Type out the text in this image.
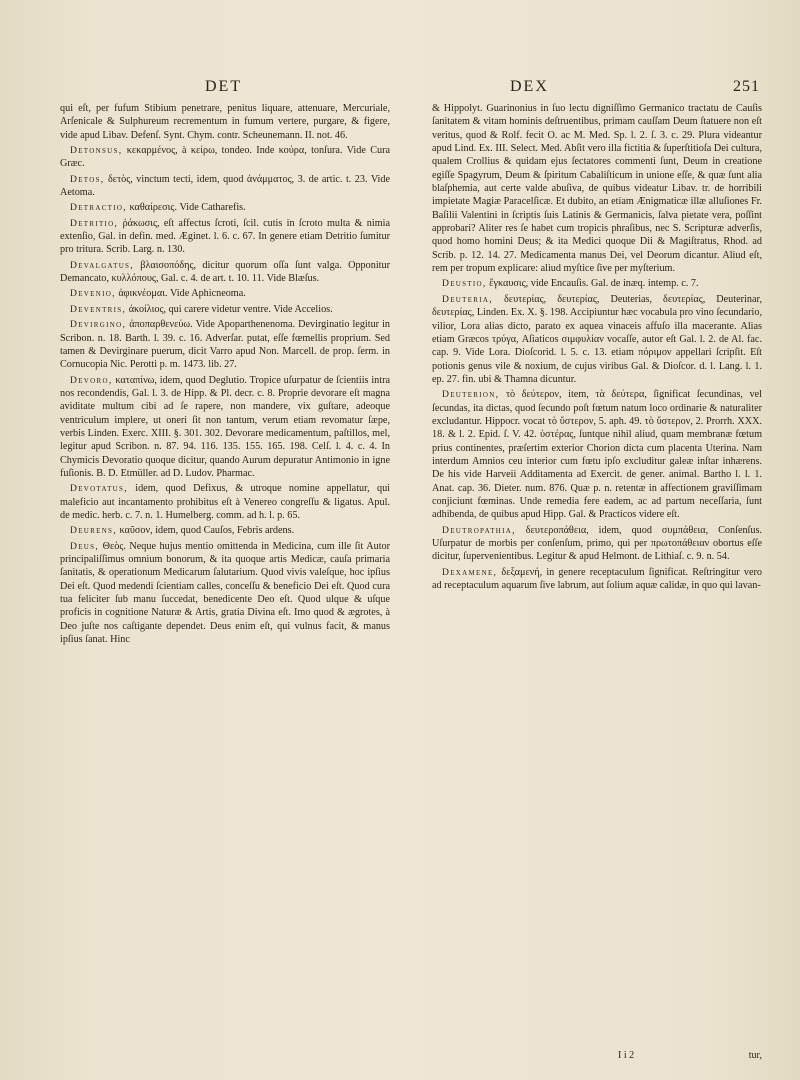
DET	DEX	251

qui eſt, per fufum Stibium penetrare, penitus liquare, attenuare, Mercuriale, Arſenicale & Sulphureum recrementum in fumum vertere, purgare, & figere, vide apud Libav. Defenſ. Synt. Chym. contr. Scheunemann. II. not. 46.

Detonsus, κεκαρμένος, à κείρω, tondeo. Inde κούρα, tonſura. Vide Cura Græc.

Detos, δετὸς, vinctum tecti, idem, quod ἀνάμματος, 3. de artic. t. 23. Vide Aetoma.

Detractio, καθαίρεσις. Vide Catharefis.

Detritio, ῥάκωσις, eſt affectus ſcroti, ſcil. cutis in ſcroto multa & nimia extenſio, Gal. in defin. med. Æginet. l. 6. c. 67. In genere etiam Detritio ſumitur pro tritura. Scrib. Larg. n. 130.

Devalgatus, βλαισοπόδης, dicitur quorum oſſa ſunt valga. Opponitur Demancato, κυλλόπους, Gal. c. 4. de art. t. 10. 11. Vide Blæſus.

Devenio, ἀφικνέομαι. Vide Aphicneoma.

Deventris, ἀκοίλιος, qui carere videtur ventre. Vide Accelios.

Devirgino, ἀποπαρθενεύω. Vide Apoparthenenoma. Devirginatio legitur in Scribon. n. 18. Barth. l. 39. c. 16. Adverſar. putat, eſſe fœmellis proprium. Sed tamen & Devirginare puerum, dicit Varro apud Non. Marcell. de prop. ſerm. in Cornucopia Nic. Perotti p. m. 1473. lib. 27.

Devoro, καταπίνω, idem, quod Deglutio. Tropice uſurpatur de ſcientiis intra nos recondendis, Gal. l. 3. de Hipp. & Pl. decr. c. 8. Proprie devorare eſt magna aviditate multum cibi ad ſe rapere, non mandere, vix guſtare, adeoque ventriculum implere, ut oneri ſit non tantum, verum etiam revomatur ſæpe, verbis Linden. Exerc. XIII. §. 301. 302. Devorare medicamentum, paſtillos, mel, legitur apud Scribon. n. 87. 94. 116. 135. 155. 165. 198. Celſ. l. 4. c. 4. In Chymicis Devoratio quoque dicitur, quando Aurum depuratur Antimonio in igne fuſionis. B. D. Etmüller. ad D. Ludov. Pharmac.

Devotatus, idem, quod Defixus, & utroque nomine appellatur, qui maleficio aut incantamento prohibitus eſt à Venereo congreſſu & ligatus. Apul. de medic. herb. c. 7. n. 1. Humelberg. comm. ad h. l. p. 65.

Deurens, καῦσον, idem, quod Cauſos, Febris ardens.

Deus, Θεὸς. Neque hujus mentio omittenda in Medicina, cum ille ſit Autor principaliſſimus omnium bonorum, & ita quoque artis Medicæ, cauſa primaria ſanitatis, & operationum Medicarum ſalutarium. Quod vivis valeſque, hoc ipſius Dei eſt. Quod medendi ſcientiam calles, conceſſu & beneficio Dei eſt. Quod cura tua feliciter ſub manu ſuccedat, benedicente Deo eſt. Quod ulque & uſque proficis in cognitione Naturæ & Artis, gratia Divina eſt. Imo quod & ægrotes, à Deo juſte nos caſtigante dependet. Deus enim eſt, qui vulnus facit, & manus ipſius ſanat. Hinc

& Hippolyt. Guarinonius in ſuo lectu digniſſimo Germanico tractatu de Cauſis ſanitatem & vitam hominis deſtruentibus, primam cauſſam Deum ſtatuere non eſt veritus, quod & Rolf. fecit O. ac M. Med. Sp. l. 2. ſ. 3. c. 29. Plura videantur apud Lind. Ex. III. Select. Med. Abſit vero illa fictitia & ſuperſtitioſa Dei cultura, qualem Crollius & quidam ejus ſectatores commenti ſunt, Deum in creatione egiſſe Spagyrum, Deum & ſpiritum Cabaliſticum in unione eſſe, & quæ ſunt alia blaſphemia, aut certe valde abuſiva, de quibus videatur Libav. tr. de horribili impietate Magiæ Paracelſicæ. Et dubito, an etiam Ænigmaticæ illæ alluſiones Fr. Baſilii Valentini in ſcriptis ſuis Latinis & Germanicis, ſalva pietate vera, poſſint approbari? Aliter res ſe habet cum tropicis phraſibus, nec S. Scripturæ adverſis, quod homo homini Deus; & ita Medici quoque Dii & Magiſtratus, Rhod. ad Scrib. p. 12. 14. 27. Medicamenta manus Dei, vel Deorum dicantur. Aliud eſt, rem per tropum explicare: aliud myſtice ſive per myſterium.

Deustio, ἔγκαυσις, vide Encauſis. Gal. de inæq. intemp. c. 7.

Deuteria, δευτερίας, δευτερίας, Deuterias, δευτερίας, Deuterinar, δευτερίας, Linden. Ex. X. §. 198. Accipiuntur hæc vocabula pro vino ſecundario, vilior, Lora alias dicto, parato ex aquea vinaceis affuſo illa macerante. Alias etiam Græcos τρύγα, Aſiaticos σιμφυλίαν vocaſſe, autor eſt Gal. l. 2. de Al. fac. cap. 9. Vide Lora. Dioſcorid. l. 5. c. 13. etiam πόριμον appellari ſcripſit. Eſt potionis genus vile & noxium, de cujus viribus Gal. & Dioſcor. d. l. Lang. l. 1. ep. 27. fin. ubi & Thamna dicuntur.

Deuterion, τὸ δεύτερον, item, τὰ δεύτερα, ſignificat ſecundinas, vel ſecundas, ita dictas, quod ſecundo poſt fœtum natum loco ordinarie & naturaliter excludantur. Hippocr. vocat τὸ ὕστερον, 5. aph. 49. τὸ ὕστερον, 2. Prorrh. XXX. 18. & l. 2. Epid. ſ. V. 42. ὑστέρας, ſuntque nihil aliud, quam membranæ fœtum prius continentes, præſertim exterior Chorion dicta cum placenta Uterina. Nam interdum Amnios ceu interior cum fœtu ipſo excluditur galeæ inſtar inhærens. De his vide Harveii Additamenta ad Exercit. de gener. animal. Bartho l. l. 1. Anat. cap. 36. Dieter. num. 876. Quæ p. n. retentæ in affectionem graviſſimam conjiciunt fœminas. Unde remedia fere eadem, ac ad partum neceſſaria, ſunt adhibenda, de quibus apud Hipp. Gal. & Practicos videre eſt.

Deutropathia, δευτεροπάθεια, idem, quod συμπάθεια, Conſenſus. Uſurpatur de morbis per conſenſum, primo, qui per πρωτοπάθειαν obortus eſſe dicitur, ſupervenientibus. Legitur & apud Helmont. de Lithiaſ. c. 9. n. 54.

Dexamene, δεξαμενή, in genere receptaculum ſignificat. Reſtringitur vero ad receptaculum aquarum ſive labrum, aut ſolium aquæ calidæ, in quo qui lavan-

I i 2	tur,
